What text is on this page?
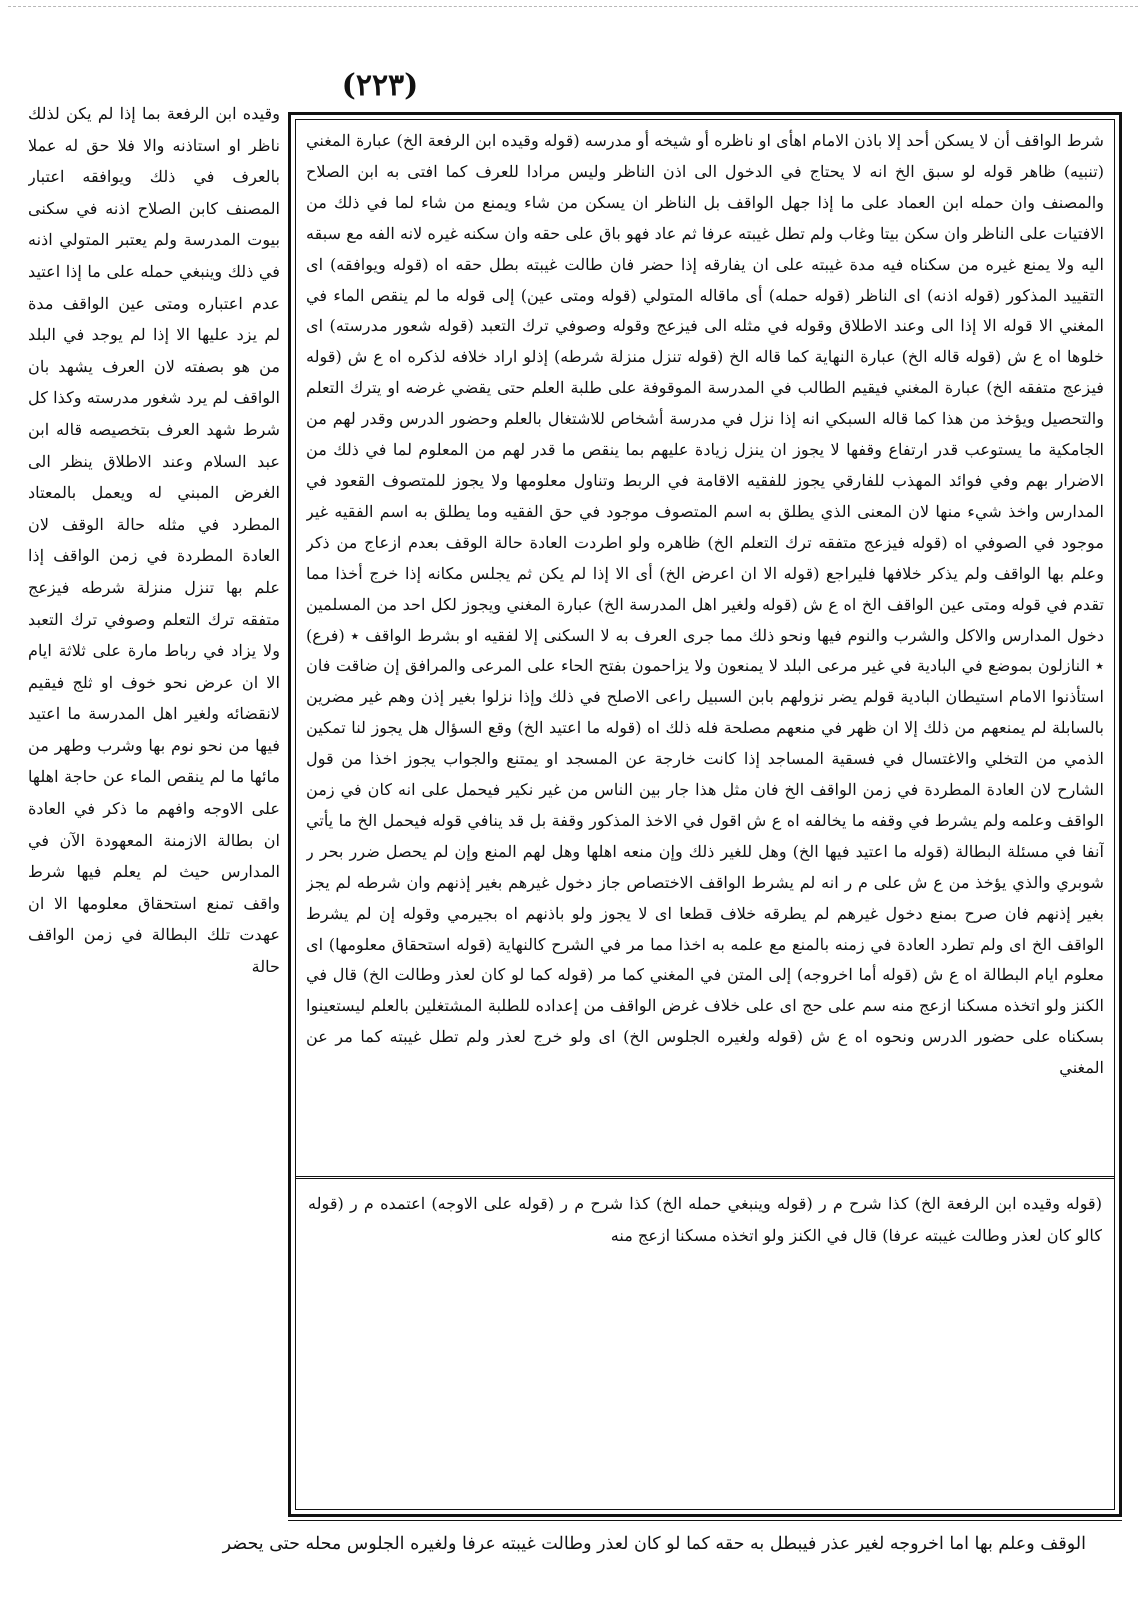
(٢٢٣)
وقيده ابن الرفعة بما إذا لم يكن لذلك ناظر او استاذنه والا فلا حق له عملا بالعرف في ذلك ويوافقه اعتبار المصنف كابن الصلاح اذنه في سكنى بيوت المدرسة ولم يعتبر المتولي اذنه في ذلك وينبغي حمله على ما إذا اعتيد عدم اعتباره ومتى عين الواقف مدة لم يزد عليها الا إذا لم يوجد في البلد من هو بصفته لان العرف يشهد بان الواقف لم يرد شغور مدرسته وكذا كل شرط شهد العرف بتخصيصه قاله ابن عبد السلام وعند الاطلاق ينظر الى الغرض المبني له ويعمل بالمعتاد المطرد في مثله حالة الوقف لان العادة المطردة في زمن الواقف إذا علم بها تنزل منزلة شرطه فيزعج متفقه ترك التعلم وصوفي ترك التعبد ولا يزاد في رباط مارة على ثلاثة ايام الا ان عرض نحو خوف او ثلج فيقيم لانقضائه ولغير اهل المدرسة ما اعتيد فيها من نحو نوم بها وشرب وطهر من مائها ما لم ينقص الماء عن حاجة اهلها على الاوجه وافهم ما ذكر في العادة ان بطالة الازمنة المعهودة الآن في المدارس حيث لم يعلم فيها شرط واقف تمنع استحقاق معلومها الا ان عهدت تلك البطالة في زمن الواقف حالة
شرط الواقف أن لا يسكن أحد إلا باذن الامام اهأى او ناظره أو شيخه أو مدرسه (قوله وقيده ابن الرفعة الخ) عبارة المغني (تنبيه) ظاهر قوله لو سبق الخ انه لا يحتاج في الدخول الى اذن الناظر وليس مرادا للعرف كما افتى به ابن الصلاح والمصنف وان حمله ابن العماد على ما إذا جهل الواقف بل الناظر ان يسكن من شاء ويمنع من شاء لما في ذلك من الافتيات على الناظر وان سكن بيتا وغاب ولم تطل غيبته عرفا ثم عاد فهو باق على حقه وان سكنه غيره لانه الفه مع سبقه اليه ولا يمنع غيره من سكناه فيه مدة غيبته على ان يفارقه إذا حضر فان طالت غيبته بطل حقه اه (قوله ويوافقه) اى التقييد المذكور (قوله اذنه) اى الناظر (قوله حمله) أى ماقاله المتولي (قوله ومتى عين) إلى قوله ما لم ينقص الماء في المغني الا قوله الا إذا الى وعند الاطلاق وقوله في مثله الى فيزعج وقوله وصوفي ترك التعبد (قوله شعور مدرسته) اى خلوها اه ع ش (قوله قاله الخ) عبارة النهاية كما قاله الخ (قوله تنزل منزلة شرطه) إذلو اراد خلافه لذكره اه ع ش (قوله فيزعج متفقه الخ) عبارة المغني فيقيم الطالب في المدرسة الموقوفة على طلبة العلم حتى يقضي غرضه او يترك التعلم والتحصيل ويؤخذ من هذا كما قاله السبكي انه إذا نزل في مدرسة أشخاص للاشتغال بالعلم وحضور الدرس وقدر لهم من الجامكية ما يستوعب قدر ارتفاع وقفها لا يجوز ان ينزل زيادة عليهم بما ينقص ما قدر لهم من المعلوم لما في ذلك من الاضرار بهم وفي فوائد المهذب للفارقي يجوز للفقيه الاقامة في الربط وتناول معلومها ولا يجوز للمتصوف القعود في المدارس واخذ شيء منها لان المعنى الذي يطلق به اسم المتصوف موجود في حق الفقيه وما يطلق به اسم الفقيه غير موجود في الصوفي اه (قوله فيزعج متفقه ترك التعلم الخ) ظاهره ولو اطردت العادة حالة الوقف بعدم ازعاج من ذكر وعلم بها الواقف ولم يذكر خلافها فليراجع (قوله الا ان اعرض الخ) أى الا إذا لم يكن ثم يجلس مكانه إذا خرج أخذا مما تقدم في قوله ومتى عين الواقف الخ اه ع ش (قوله ولغير اهل المدرسة الخ) عبارة المغني ويجوز لكل احد من المسلمين دخول المدارس والاكل والشرب والنوم فيها ونحو ذلك مما جرى العرف به لا السكنى إلا لفقيه او بشرط الواقف ٭ (فرع) ٭ النازلون بموضع في البادية في غير مرعى البلد لا يمنعون ولا يزاحمون بفتح الحاء على المرعى والمرافق إن ضاقت فان استأذنوا الامام استيطان البادية قولم يضر نزولهم بابن السبيل راعى الاصلح في ذلك وإذا نزلوا بغير إذن وهم غير مضرين بالسابلة لم يمنعهم من ذلك إلا ان ظهر في منعهم مصلحة فله ذلك اه (قوله ما اعتيد الخ) وقع السؤال هل يجوز لنا تمكين الذمي من التخلي والاغتسال في فسقية المساجد إذا كانت خارجة عن المسجد او يمتنع والجواب يجوز اخذا من قول الشارح لان العادة المطردة في زمن الواقف الخ فان مثل هذا جار بين الناس من غير نكير فيحمل على انه كان في زمن الواقف وعلمه ولم يشرط في وقفه ما يخالفه اه ع ش اقول في الاخذ المذكور وقفة بل قد ينافي قوله فيحمل الخ ما يأتي آنفا في مسئلة البطالة (قوله ما اعتيد فيها الخ) وهل للغير ذلك وإن منعه اهلها وهل لهم المنع وإن لم يحصل ضرر بحر ر شوبري والذي يؤخذ من ع ش على م ر انه لم يشرط الواقف الاختصاص جاز دخول غيرهم بغير إذنهم وان شرطه لم يجز بغير إذنهم فان صرح بمنع دخول غيرهم لم يطرقه خلاف قطعا اى لا يجوز ولو باذنهم اه بجيرمي وقوله إن لم يشرط الواقف الخ اى ولم تطرد العادة في زمنه بالمنع مع علمه به اخذا مما مر في الشرح كالنهاية (قوله استحقاق معلومها) اى معلوم ايام البطالة اه ع ش (قوله أما اخروجه) إلى المتن في المغني كما مر (قوله كما لو كان لعذر وطالت الخ) قال في الكنز ولو اتخذه مسكنا ازعج منه سم على حج اى على خلاف غرض الواقف من إعداده للطلبة المشتغلين بالعلم ليستعينوا بسكناه على حضور الدرس ونحوه اه ع ش (قوله ولغيره الجلوس الخ) اى ولو خرج لعذر ولم تطل غيبته كما مر عن المغني
(قوله وقيده ابن الرفعة الخ) كذا شرح م ر (قوله وينبغي حمله الخ) كذا شرح م ر (قوله على الاوجه) اعتمده م ر (قوله كالو كان لعذر وطالت غيبته عرفا) قال في الكنز ولو اتخذه مسكنا ازعج منه
الوقف وعلم بها اما اخروجه لغير عذر فيبطل به حقه كما لو كان لعذر وطالت غيبته عرفا ولغيره الجلوس محله حتى يحضر
